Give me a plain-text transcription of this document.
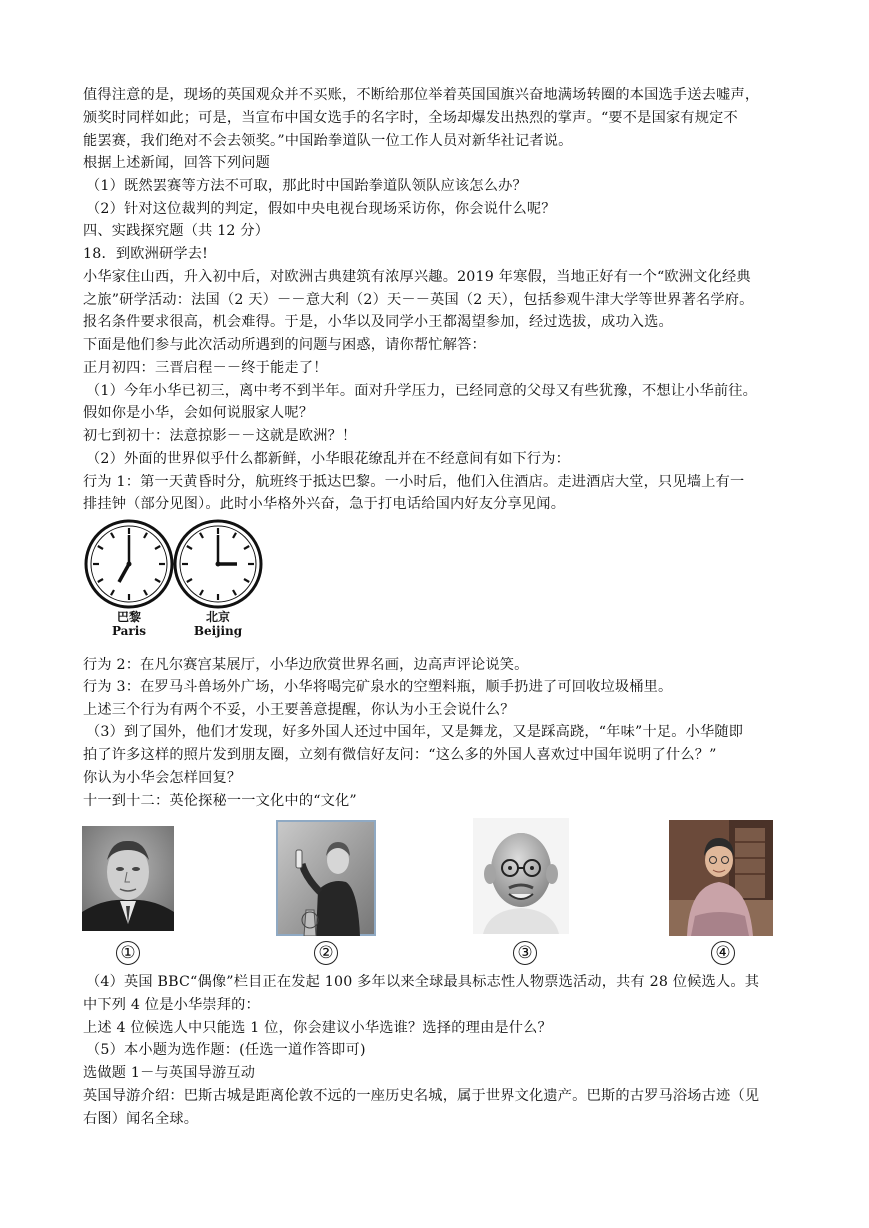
值得注意的是，现场的英国观众并不买账，不断给那位举着英国国旗兴奋地满场转圈的本国选手送去嘘声，
颁奖时同样如此；可是，当宣布中国女选手的名字时，全场却爆发出热烈的掌声。“要不是国家有规定不
能罢赛，我们绝对不会去领奖。”中国跆拳道队一位工作人员对新华社记者说。
根据上述新闻，回答下列问题
（1）既然罢赛等方法不可取，那此时中国跆拳道队领队应该怎么办？
（2）针对这位裁判的判定，假如中央电视台现场采访你，你会说什么呢？
四、实践探究题（共 12 分）
18．到欧洲研学去!
小华家住山西，升入初中后，对欧洲古典建筑有浓厚兴趣。2019 年寒假，当地正好有一个“欧洲文化经典
之旅”研学活动：法国（2 天）－－意大利（2）天－－英国（2 天），包括参观牛津大学等世界著名学府。
报名条件要求很高，机会难得。于是，小华以及同学小王都渴望参加，经过选拔，成功入选。
下面是他们参与此次活动所遇到的问题与困惑，请你帮忙解答：
正月初四：三晋启程－－终于能走了！
（1）今年小华已初三，离中考不到半年。面对升学压力，已经同意的父母又有些犹豫，不想让小华前往。
假如你是小华，会如何说服家人呢？
初七到初十：法意掠影－－这就是欧洲？！
（2）外面的世界似乎什么都新鲜，小华眼花缭乱并在不经意间有如下行为：
行为 1：第一天黄昏时分，航班终于抵达巴黎。一小时后，他们入住酒店。走进酒店大堂，只见墙上有一
排挂钟（部分见图）。此时小华格外兴奋，急于打电话给国内好友分享见闻。
巴黎
Paris
北京
Beijing
行为 2：在凡尔赛宫某展厅，小华边欣赏世界名画，边高声评论说笑。
行为 3：在罗马斗兽场外广场，小华将喝完矿泉水的空塑料瓶，顺手扔进了可回收垃圾桶里。
上述三个行为有两个不妥，小王要善意提醒，你认为小王会说什么？
（3）到了国外，他们才发现，好多外国人还过中国年，又是舞龙，又是踩高跷，“年味”十足。小华随即
拍了许多这样的照片发到朋友圈，立刻有微信好友问：“这么多的外国人喜欢过中国年说明了什么？”
你认为小华会怎样回复？
十一到十二：英伦探秘一一文化中的“文化”
①	②	③	④
（4）英国 BBC“偶像”栏目正在发起 100 多年以来全球最具标志性人物票选活动，共有 28 位候选人。其
中下列 4 位是小华崇拜的：
上述 4 位候选人中只能选 1 位，你会建议小华选谁？选择的理由是什么？
（5）本小题为选作题：(任选一道作答即可)
选做题 1－与英国导游互动
英国导游介绍：巴斯古城是距离伦敦不远的一座历史名城，属于世界文化遗产。巴斯的古罗马浴场古迹（见
右图）闻名全球。
